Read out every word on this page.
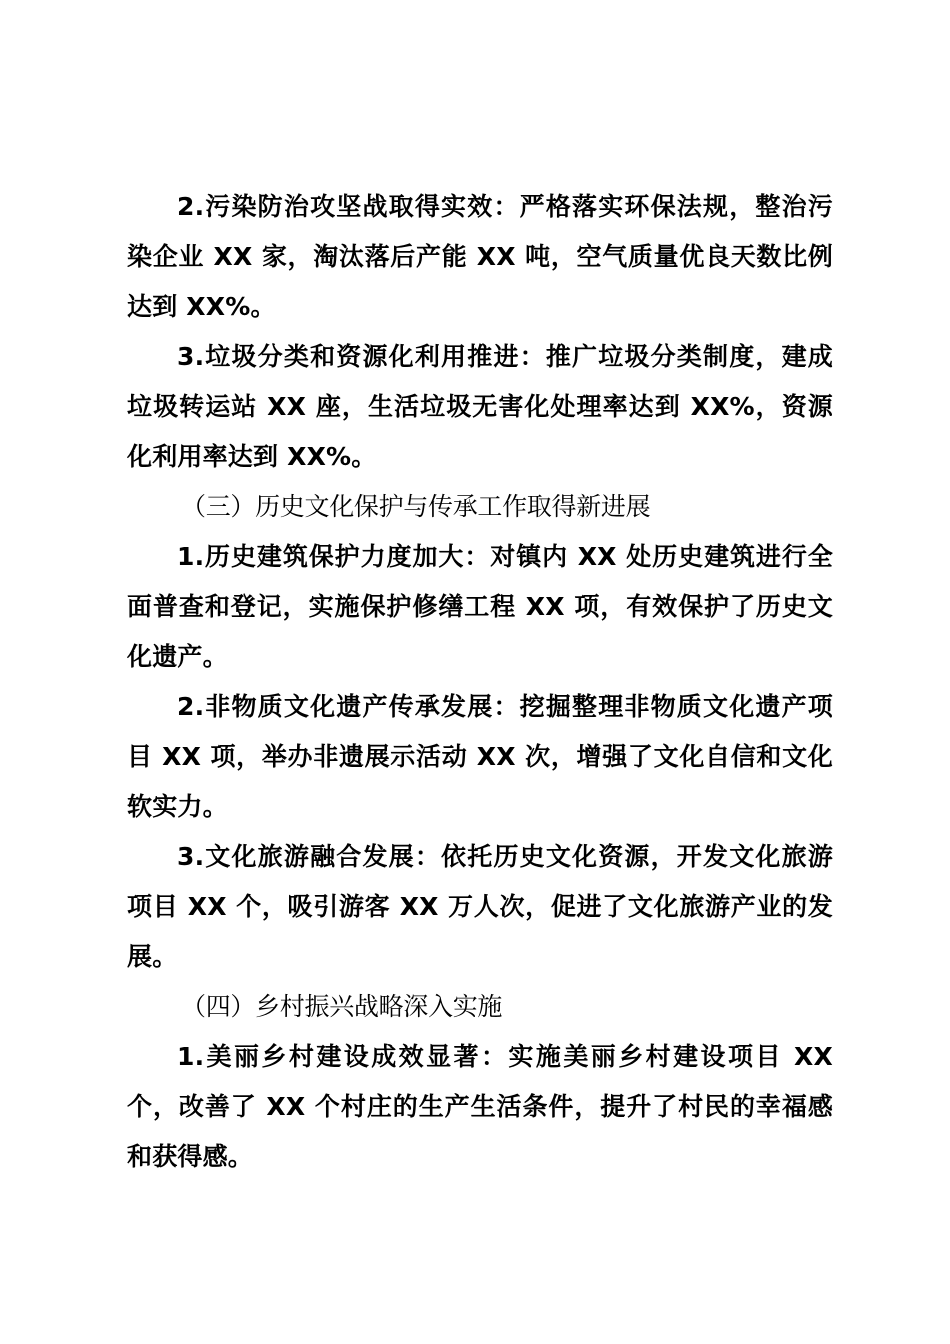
2.污染防治攻坚战取得实效：严格落实环保法规，整治污染企业 XX 家，淘汰落后产能 XX 吨，空气质量优良天数比例达到 XX%。

3.垃圾分类和资源化利用推进：推广垃圾分类制度，建成垃圾转运站 XX 座，生活垃圾无害化处理率达到 XX%，资源化利用率达到 XX%。

（三）历史文化保护与传承工作取得新进展

1.历史建筑保护力度加大：对镇内 XX 处历史建筑进行全面普查和登记，实施保护修缮工程 XX 项，有效保护了历史文化遗产。

2.非物质文化遗产传承发展：挖掘整理非物质文化遗产项目 XX 项，举办非遗展示活动 XX 次，增强了文化自信和文化软实力。

3.文化旅游融合发展：依托历史文化资源，开发文化旅游项目 XX 个，吸引游客 XX 万人次，促进了文化旅游产业的发展。

（四）乡村振兴战略深入实施

1.美丽乡村建设成效显著：实施美丽乡村建设项目 XX 个，改善了 XX 个村庄的生产生活条件，提升了村民的幸福感和获得感。
